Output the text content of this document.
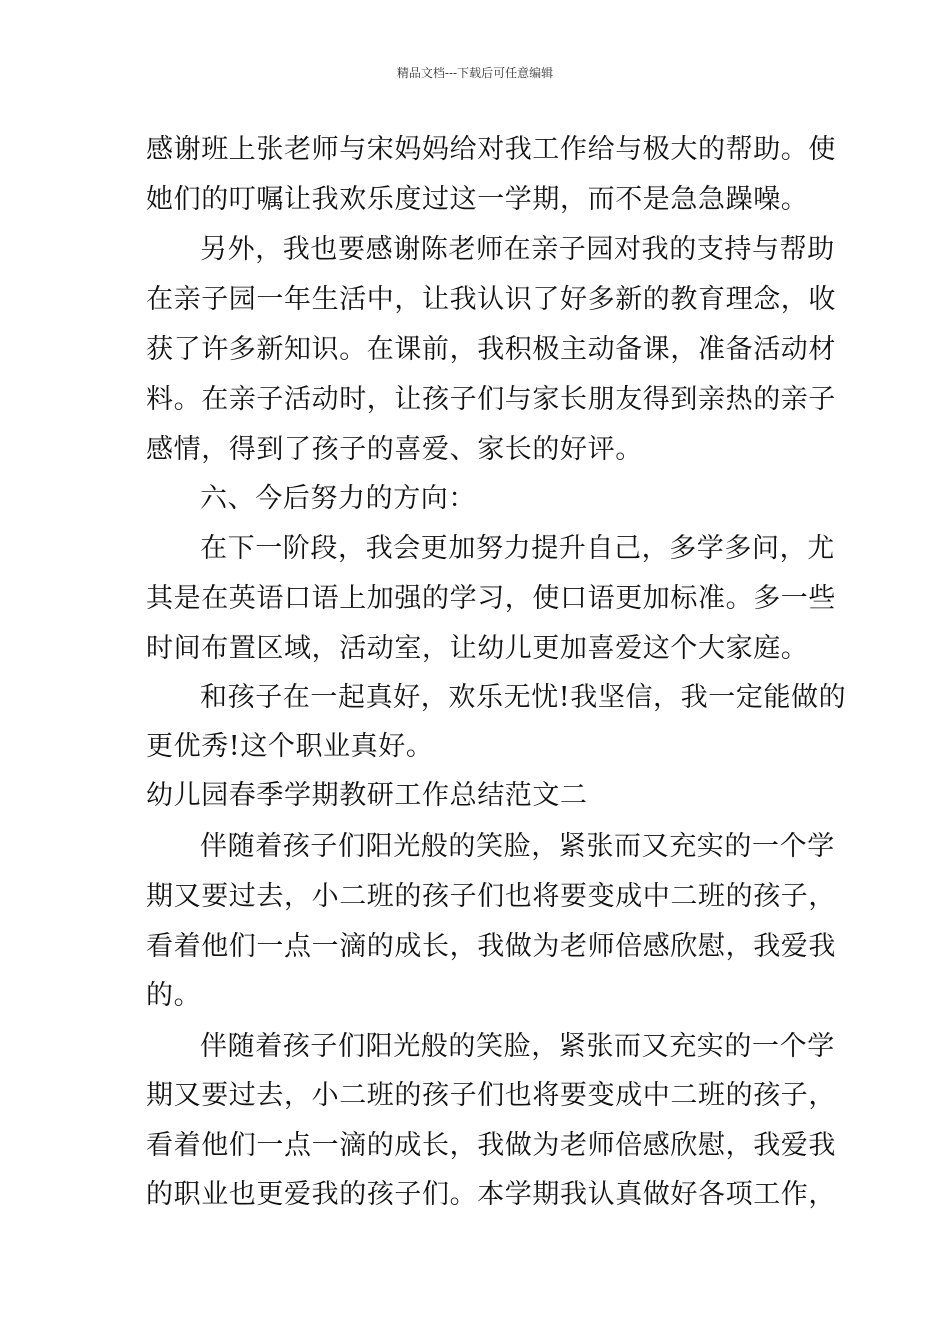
精品文档---下载后可任意编辑
感谢班上张老师与宋妈妈给对我工作给与极大的帮助。使
她们的叮嘱让我欢乐度过这一学期，而不是急急躁噪。
另外，我也要感谢陈老师在亲子园对我的支持与帮助
在亲子园一年生活中，让我认识了好多新的教育理念，收
获了许多新知识。在课前，我积极主动备课，准备活动材
料。在亲子活动时，让孩子们与家长朋友得到亲热的亲子
感情，得到了孩子的喜爱、家长的好评。
六、今后努力的方向：
在下一阶段，我会更加努力提升自己，多学多问，尤
其是在英语口语上加强的学习，使口语更加标准。多一些
时间布置区域，活动室，让幼儿更加喜爱这个大家庭。
和孩子在一起真好，欢乐无忧!我坚信，我一定能做的
更优秀!这个职业真好。
幼儿园春季学期教研工作总结范文二
伴随着孩子们阳光般的笑脸，紧张而又充实的一个学
期又要过去，小二班的孩子们也将要变成中二班的孩子，
看着他们一点一滴的成长，我做为老师倍感欣慰，我爱我
的。
伴随着孩子们阳光般的笑脸，紧张而又充实的一个学
期又要过去，小二班的孩子们也将要变成中二班的孩子，
看着他们一点一滴的成长，我做为老师倍感欣慰，我爱我
的职业也更爱我的孩子们。本学期我认真做好各项工作，
